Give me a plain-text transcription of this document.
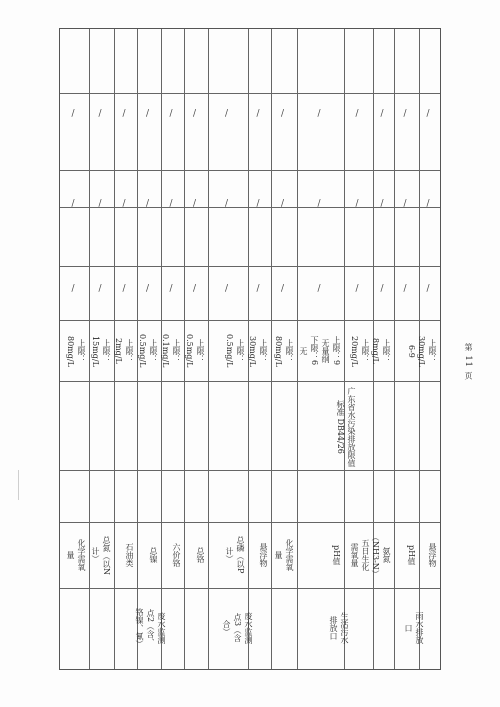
化学需氧
量
上限：
80mg/L
/
/
/
总氮（以N
计）
上限：
15mg/L
/
/
/
石油类
上限：
2mg/L
/
/
/
总镍
上限：
0.5mg/L
废水监测
点2（含、
铬镍、氰）
/
/
/
六价铬
上限：
0.1mg/L
/
/
/
总铬
上限：
0.5mg/L
/
/
/
总磷（以P
计）
上限：
0.5mg/L
废水监测
点3（含
合）
/
/
/
悬浮物
上限：
30mg/L
/
/
/
化学需氧
量
上限：
80mg/L
/
/
/
pH值
上限：9
无量纲
下限：6
无
生活污水
排放口
/
/
/
五日生化
需氧量
上限：
20mg/L
/
/
/
氨氮
（NH3-N）
上限：
8mg/L
/
/
/
pH值
6-9
雨水排放
口
/
/
/
悬浮物
上限：
30mg/L
/
/
/
广东省水污染排放限值
标准 DB44/26
第 11 页
